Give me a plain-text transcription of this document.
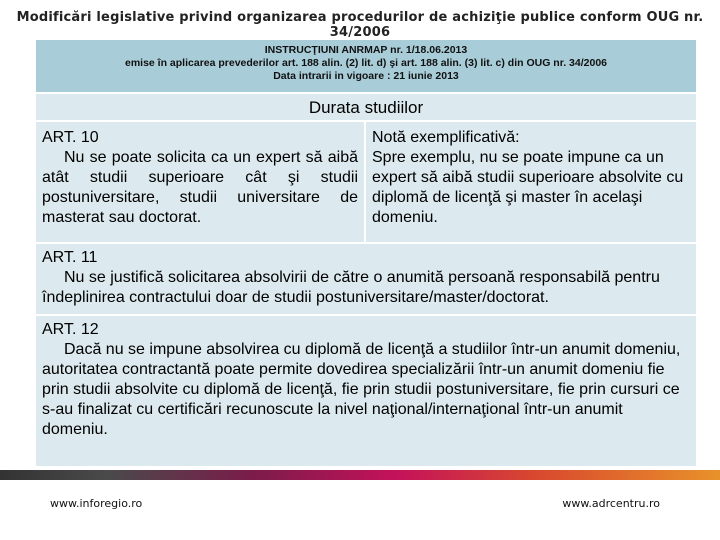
Modificări legislative privind organizarea procedurilor de achiziţie publice conform OUG nr. 34/2006
INSTRUCŢIUNI ANRMAP nr. 1/18.06.2013
emise în aplicarea prevederilor art. 188 alin. (2) lit. d) şi art. 188 alin. (3) lit. c) din OUG nr. 34/2006
Data intrarii in vigoare : 21 iunie 2013
Durata studiilor
ART. 10
Nu se poate solicita ca un expert să aibă atât studii superioare cât şi studii postuniversitare, studii universitare de masterat sau doctorat.
Notă exemplificativă:
Spre exemplu, nu se poate impune ca un expert să aibă studii superioare absolvite cu diplomă de licenţă şi master în acelaşi domeniu.
ART. 11
Nu se justifică solicitarea absolvirii de către o anumită persoană responsabilă pentru îndeplinirea contractului doar de studii postuniversitare/master/doctorat.
ART. 12
Dacă nu se impune absolvirea cu diplomă de licenţă a studiilor într-un anumit domeniu, autoritatea contractantă poate permite dovedirea specializării într-un anumit domeniu fie prin studii absolvite cu diplomă de licenţă, fie prin studii postuniversitare, fie prin cursuri ce s-au finalizat cu certificări recunoscute la nivel naţional/internaţional într-un anumit domeniu.
www.inforegio.ro	www.adrcentru.ro
